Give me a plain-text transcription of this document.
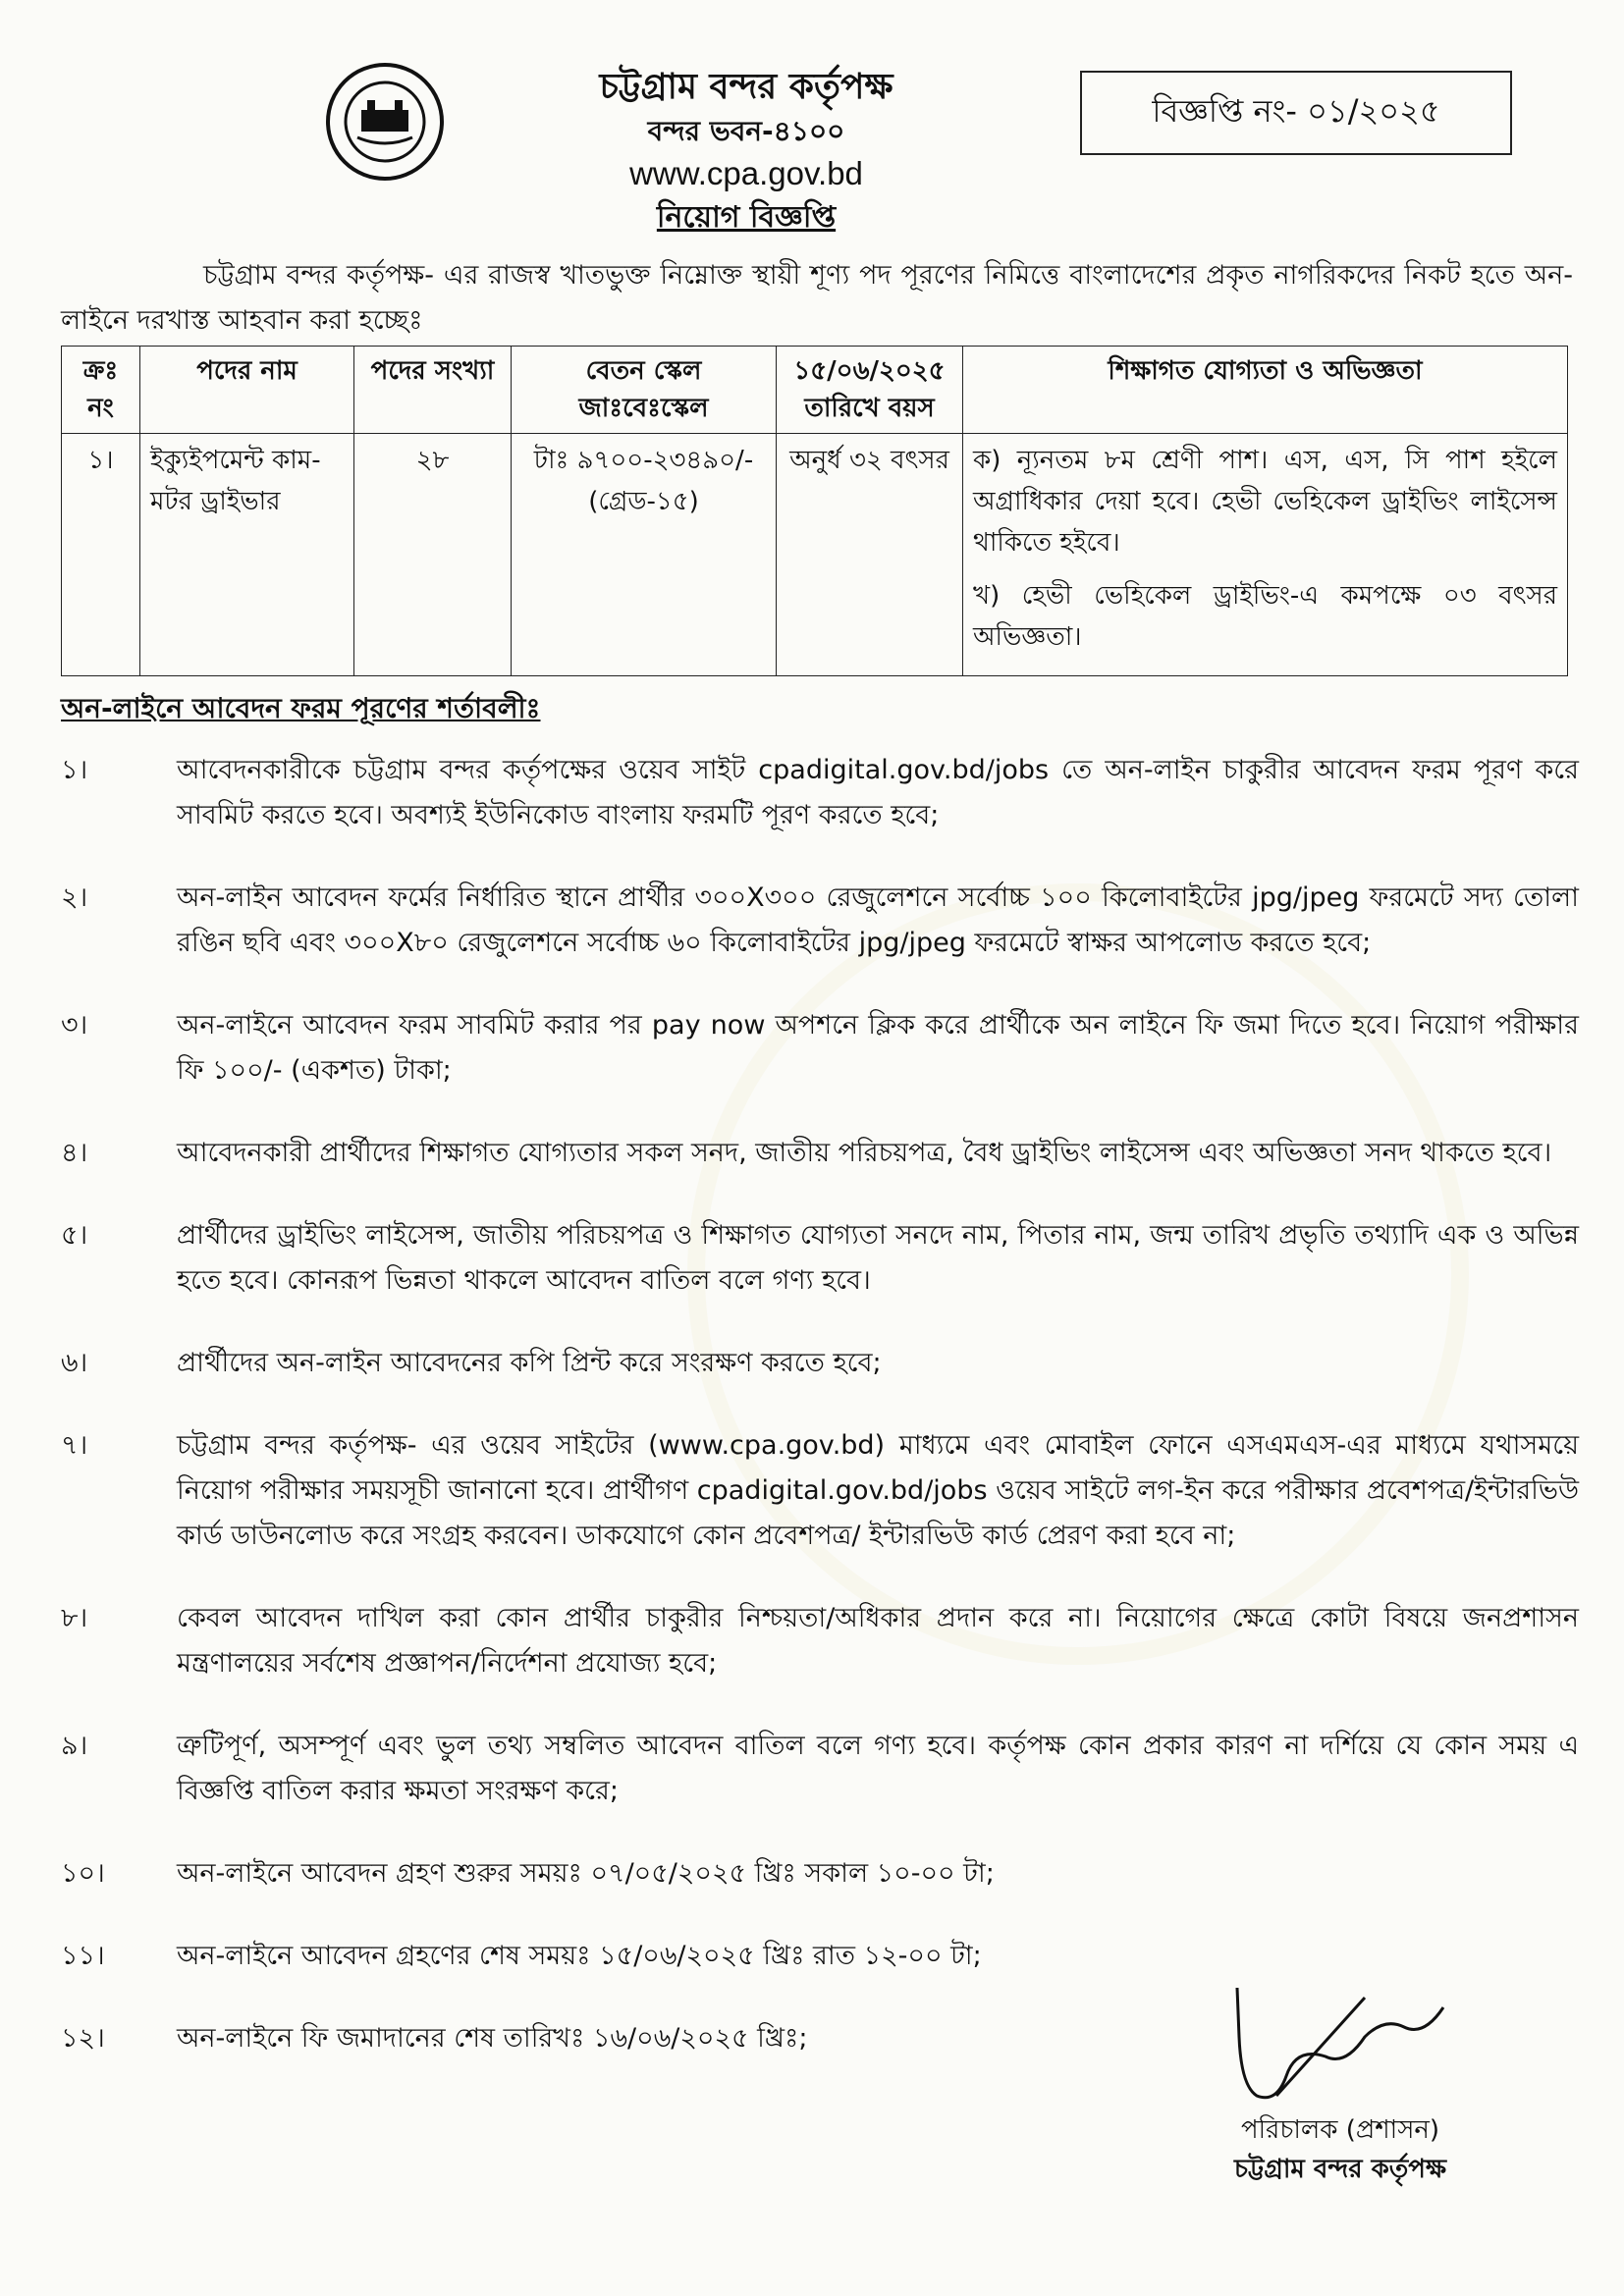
চট্টগ্রাম বন্দর কর্তৃপক্ষ
বন্দর ভবন-৪১০০
www.cpa.gov.bd
নিয়োগ বিজ্ঞপ্তি
বিজ্ঞপ্তি নং- ০১/২০২৫
চট্টগ্রাম বন্দর কর্তৃপক্ষ- এর রাজস্ব খাতভুক্ত নিম্নোক্ত স্থায়ী শূণ্য পদ পূরণের নিমিত্তে বাংলাদেশের প্রকৃত নাগরিকদের নিকট হতে অন-লাইনে দরখাস্ত আহবান করা হচ্ছেঃ
ক্রঃ নং	পদের নাম	পদের সংখ্যা	বেতন স্কেল জাঃবেঃস্কেল	১৫/০৬/২০২৫ তারিখে বয়স	শিক্ষাগত যোগ্যতা ও অভিজ্ঞতা
১।	ইক্যুইপমেন্ট কাম- মটর ড্রাইভার	২৮	টাঃ ৯৭০০-২৩৪৯০/- (গ্রেড-১৫)	অনুর্ধ ৩২ বৎসর	ক) ন্যূনতম ৮ম শ্রেণী পাশ। এস, এস, সি পাশ হইলে অগ্রাধিকার দেয়া হবে। হেভী ভেহিকেল ড্রাইভিং লাইসেন্স থাকিতে হইবে।

খ) হেভী ভেহিকেল ড্রাইভিং-এ কমপক্ষে ০৩ বৎসর অভিজ্ঞতা।

অন-লাইনে আবেদন ফরম পূরণের শর্তাবলীঃ
১।	আবেদনকারীকে চট্টগ্রাম বন্দর কর্তৃপক্ষের ওয়েব সাইট cpadigital.gov.bd/jobs তে অন-লাইন চাকুরীর আবেদন ফরম পূরণ করে সাবমিট করতে হবে। অবশ্যই ইউনিকোড বাংলায় ফরমটি পূরণ করতে হবে;
২।	অন-লাইন আবেদন ফর্মের নির্ধারিত স্থানে প্রার্থীর ৩০০X৩০০ রেজুলেশনে সর্বোচ্চ ১০০ কিলোবাইটের jpg/jpeg ফরমেটে সদ্য তোলা রঙিন ছবি এবং ৩০০X৮০ রেজুলেশনে সর্বোচ্চ ৬০ কিলোবাইটের jpg/jpeg ফরমেটে স্বাক্ষর আপলোড করতে হবে;
৩।	অন-লাইনে আবেদন ফরম সাবমিট করার পর pay now অপশনে ক্লিক করে প্রার্থীকে অন লাইনে ফি জমা দিতে হবে। নিয়োগ পরীক্ষার ফি ১০০/- (একশত) টাকা;
৪।	আবেদনকারী প্রার্থীদের শিক্ষাগত যোগ্যতার সকল সনদ, জাতীয় পরিচয়পত্র, বৈধ ড্রাইভিং লাইসেন্স এবং অভিজ্ঞতা সনদ থাকতে হবে।
৫।	প্রার্থীদের ড্রাইভিং লাইসেন্স, জাতীয় পরিচয়পত্র ও শিক্ষাগত যোগ্যতা সনদে নাম, পিতার নাম, জন্ম তারিখ প্রভৃতি তথ্যাদি এক ও অভিন্ন হতে হবে। কোনরূপ ভিন্নতা থাকলে আবেদন বাতিল বলে গণ্য হবে।
৬।	প্রার্থীদের অন-লাইন আবেদনের কপি প্রিন্ট করে সংরক্ষণ করতে হবে;
৭।	চট্টগ্রাম বন্দর কর্তৃপক্ষ- এর ওয়েব সাইটের (www.cpa.gov.bd) মাধ্যমে এবং মোবাইল ফোনে এসএমএস-এর মাধ্যমে যথাসময়ে নিয়োগ পরীক্ষার সময়সূচী জানানো হবে। প্রার্থীগণ cpadigital.gov.bd/jobs ওয়েব সাইটে লগ-ইন করে পরীক্ষার প্রবেশপত্র/ইন্টারভিউ কার্ড ডাউনলোড করে সংগ্রহ করবেন। ডাকযোগে কোন প্রবেশপত্র/ ইন্টারভিউ কার্ড প্রেরণ করা হবে না;
৮।	কেবল আবেদন দাখিল করা কোন প্রার্থীর চাকুরীর নিশ্চয়তা/অধিকার প্রদান করে না। নিয়োগের ক্ষেত্রে কোটা বিষয়ে জনপ্রশাসন মন্ত্রণালয়ের সর্বশেষ প্রজ্ঞাপন/নির্দেশনা প্রযোজ্য হবে;
৯।	ত্রুটিপূর্ণ, অসম্পূর্ণ এবং ভুল তথ্য সম্বলিত আবেদন বাতিল বলে গণ্য হবে। কর্তৃপক্ষ কোন প্রকার কারণ না দর্শিয়ে যে কোন সময় এ বিজ্ঞপ্তি বাতিল করার ক্ষমতা সংরক্ষণ করে;
১০।	অন-লাইনে আবেদন গ্রহণ শুরুর সময়ঃ ০৭/০৫/২০২৫ খ্রিঃ সকাল ১০-০০ টা;
১১।	অন-লাইনে আবেদন গ্রহণের শেষ সময়ঃ ১৫/০৬/২০২৫ খ্রিঃ রাত ১২-০০ টা;
১২।	অন-লাইনে ফি জমাদানের শেষ তারিখঃ ১৬/০৬/২০২৫ খ্রিঃ;
পরিচালক (প্রশাসন)
চট্টগ্রাম বন্দর কর্তৃপক্ষ
